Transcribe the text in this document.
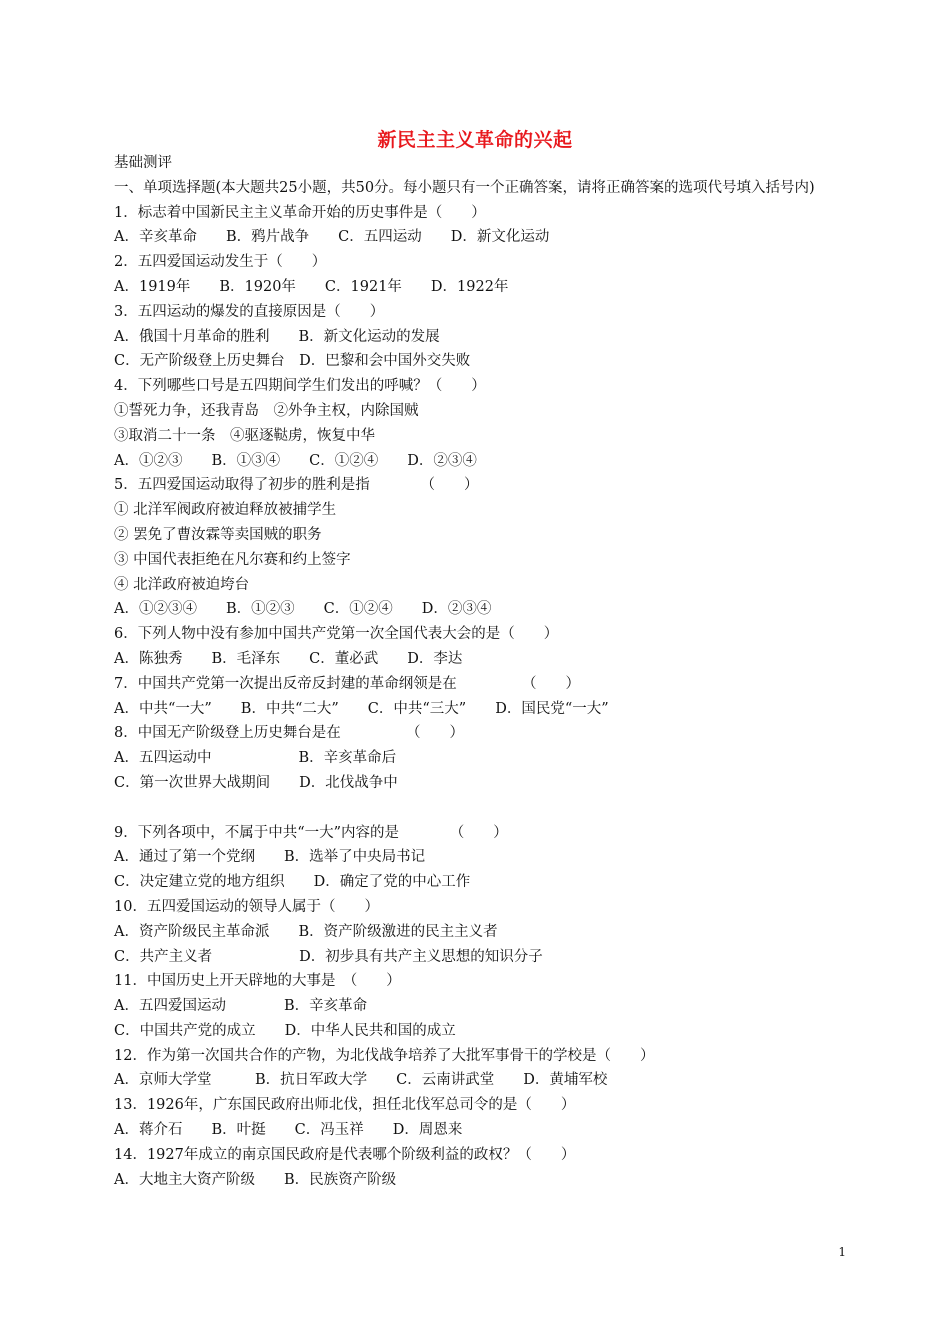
新民主主义革命的兴起
基础测评
一、单项选择题(本大题共25小题，共50分。每小题只有一个正确答案，请将正确答案的选项代号填入括号内)
1．标志着中国新民主主义革命开始的历史事件是（　　）
A．辛亥革命　　B．鸦片战争　　C．五四运动　　D．新文化运动
2．五四爱国运动发生于（　　）
A．1919年　　B．1920年　　C．1921年　　D．1922年
3．五四运动的爆发的直接原因是（　　）
A．俄国十月革命的胜利　　B．新文化运动的发展
C．无产阶级登上历史舞台　D．巴黎和会中国外交失败
4．下列哪些口号是五四期间学生们发出的呼喊？（　　）
①誓死力争，还我青岛　②外争主权，内除国贼
③取消二十一条　④驱逐鞑虏，恢复中华
A．①②③　　B．①③④　　C．①②④　　D．②③④
5．五四爱国运动取得了初步的胜利是指　　　　（　　）
① 北洋军阀政府被迫释放被捕学生
② 罢免了曹汝霖等卖国贼的职务
③ 中国代表拒绝在凡尔赛和约上签字
④ 北洋政府被迫垮台
A．①②③④　　B．①②③　　C．①②④　　D．②③④
6．下列人物中没有参加中国共产党第一次全国代表大会的是（　　）
A．陈独秀　　B．毛泽东　　C．董必武　　D．李达
7．中国共产党第一次提出反帝反封建的革命纲领是在　　　　　（　　）
A．中共“一大”　　B．中共“二大”　　C．中共“三大”　　D．国民党“一大”
8．中国无产阶级登上历史舞台是在　　　　　（　　）
A．五四运动中　　　　　　B．辛亥革命后
C．第一次世界大战期间　　D．北伐战争中
9．下列各项中，不属于中共“一大”内容的是　　　　（　　）
A．通过了第一个党纲　　B．选举了中央局书记
C．决定建立党的地方组织　　D．确定了党的中心工作
10．五四爱国运动的领导人属于（　　）
A．资产阶级民主革命派　　B．资产阶级激进的民主主义者
C．共产主义者　　　　　　D．初步具有共产主义思想的知识分子
11．中国历史上开天辟地的大事是　（　　）
A．五四爱国运动　　　　B．辛亥革命
C．中国共产党的成立　　D．中华人民共和国的成立
12．作为第一次国共合作的产物，为北伐战争培养了大批军事骨干的学校是（　　）
A．京师大学堂　　　B．抗日军政大学　　C．云南讲武堂　　D．黄埔军校
13．1926年，广东国民政府出师北伐，担任北伐军总司令的是（　　）
A．蒋介石　　B．叶挺　　C．冯玉祥　　D．周恩来
14．1927年成立的南京国民政府是代表哪个阶级利益的政权？（　　）
A．大地主大资产阶级　　B．民族资产阶级
1
